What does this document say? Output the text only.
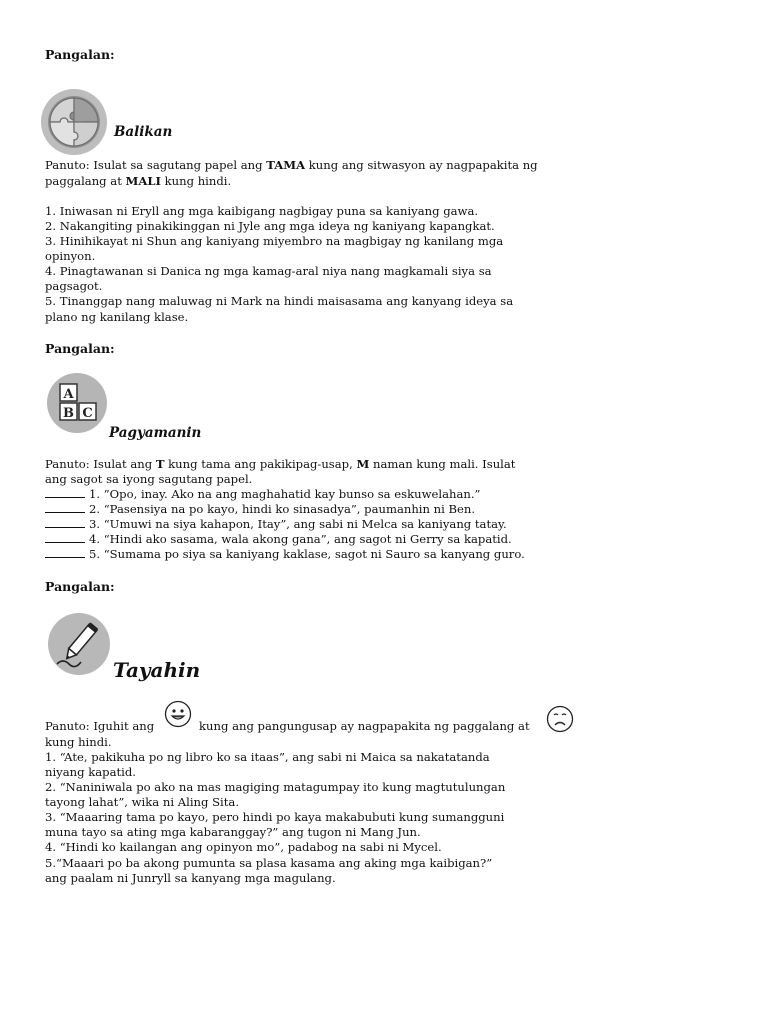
Pangalan:
Balikan
Panuto: Isulat sa sagutang papel ang TAMA kung ang sitwasyon ay nagpapakita ng
paggalang at MALI kung hindi.
1. Iniwasan ni Eryll ang mga kaibigang nagbigay puna sa kaniyang gawa.
2. Nakangiting pinakikinggan ni Jyle ang mga ideya ng kaniyang kapangkat.
3. Hinihikayat ni Shun ang kaniyang miyembro na magbigay ng kanilang mga
opinyon.
4. Pinagtawanan si Danica ng mga kamag-aral niya nang magkamali siya sa
pagsagot.
5. Tinanggap nang maluwag ni Mark na hindi maisasama ang kanyang ideya sa
plano ng kanilang klase.
Pangalan:
A
B C
Pagyamanin
Panuto: Isulat ang T kung tama ang pakikipag-usap, M naman kung mali. Isulat
ang sagot sa iyong sagutang papel.
1. ”Opo, inay. Ako na ang maghahatid kay bunso sa eskuwelahan.”
2. “Pasensiya na po kayo, hindi ko sinasadya”, paumanhin ni Ben.
3. “Umuwi na siya kahapon, Itay”, ang sabi ni Melca sa kaniyang tatay.
4. “Hindi ako sasama, wala akong gana”, ang sagot ni Gerry sa kapatid.
5. “Sumama po siya sa kaniyang kaklase, sagot ni Sauro sa kanyang guro.
Pangalan:
Tayahin
Panuto: Iguhit ang	kung ang pangungusap ay nagpapakita ng paggalang at
kung hindi.
1. “Ate, pakikuha po ng libro ko sa itaas”, ang sabi ni Maica sa nakatatanda
niyang kapatid.
2. “Naniniwala po ako na mas magiging matagumpay ito kung magtutulungan
tayong lahat”, wika ni Aling Sita.
3. “Maaaring tama po kayo, pero hindi po kaya makabubuti kung sumangguni
muna tayo sa ating mga kabaranggay?” ang tugon ni Mang Jun.
4. “Hindi ko kailangan ang opinyon mo”, padabog na sabi ni Mycel.
5.“Maaari po ba akong pumunta sa plasa kasama ang aking mga kaibigan?”
ang paalam ni Junryll sa kanyang mga magulang.
